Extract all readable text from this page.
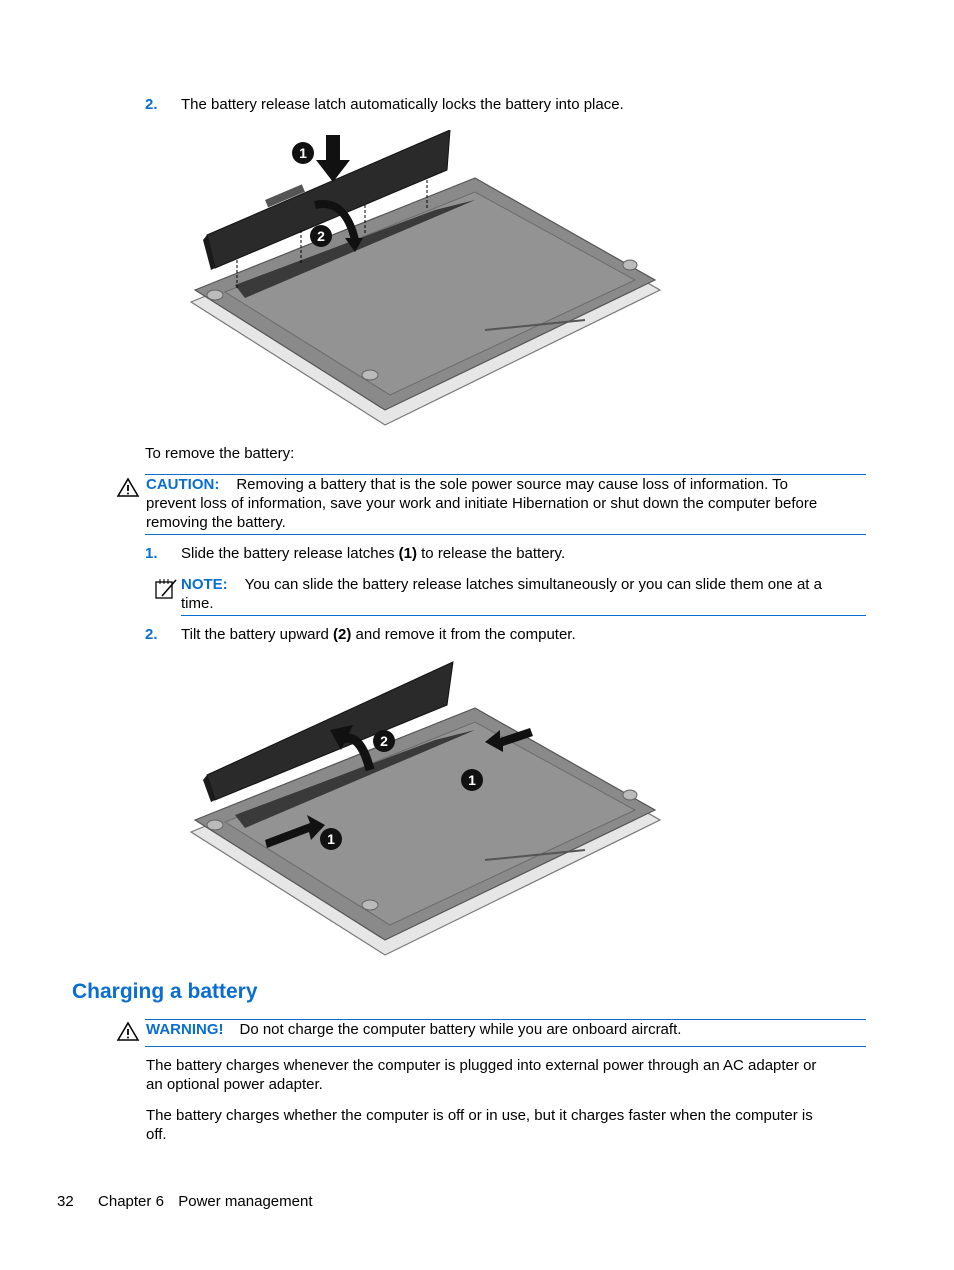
2. The battery release latch automatically locks the battery into place.
1
2
To remove the battery:
CAUTION: Removing a battery that is the sole power source may cause loss of information. To
prevent loss of information, save your work and initiate Hibernation or shut down the computer before
removing the battery.
1. Slide the battery release latches (1) to release the battery.
NOTE: You can slide the battery release latches simultaneously or you can slide them one at a
time.
2. Tilt the battery upward (2) and remove it from the computer.
2
1
1
Charging a battery
WARNING! Do not charge the computer battery while you are onboard aircraft.
The battery charges whenever the computer is plugged into external power through an AC adapter or
an optional power adapter.
The battery charges whether the computer is off or in use, but it charges faster when the computer is
off.
32 Chapter 6 Power management
